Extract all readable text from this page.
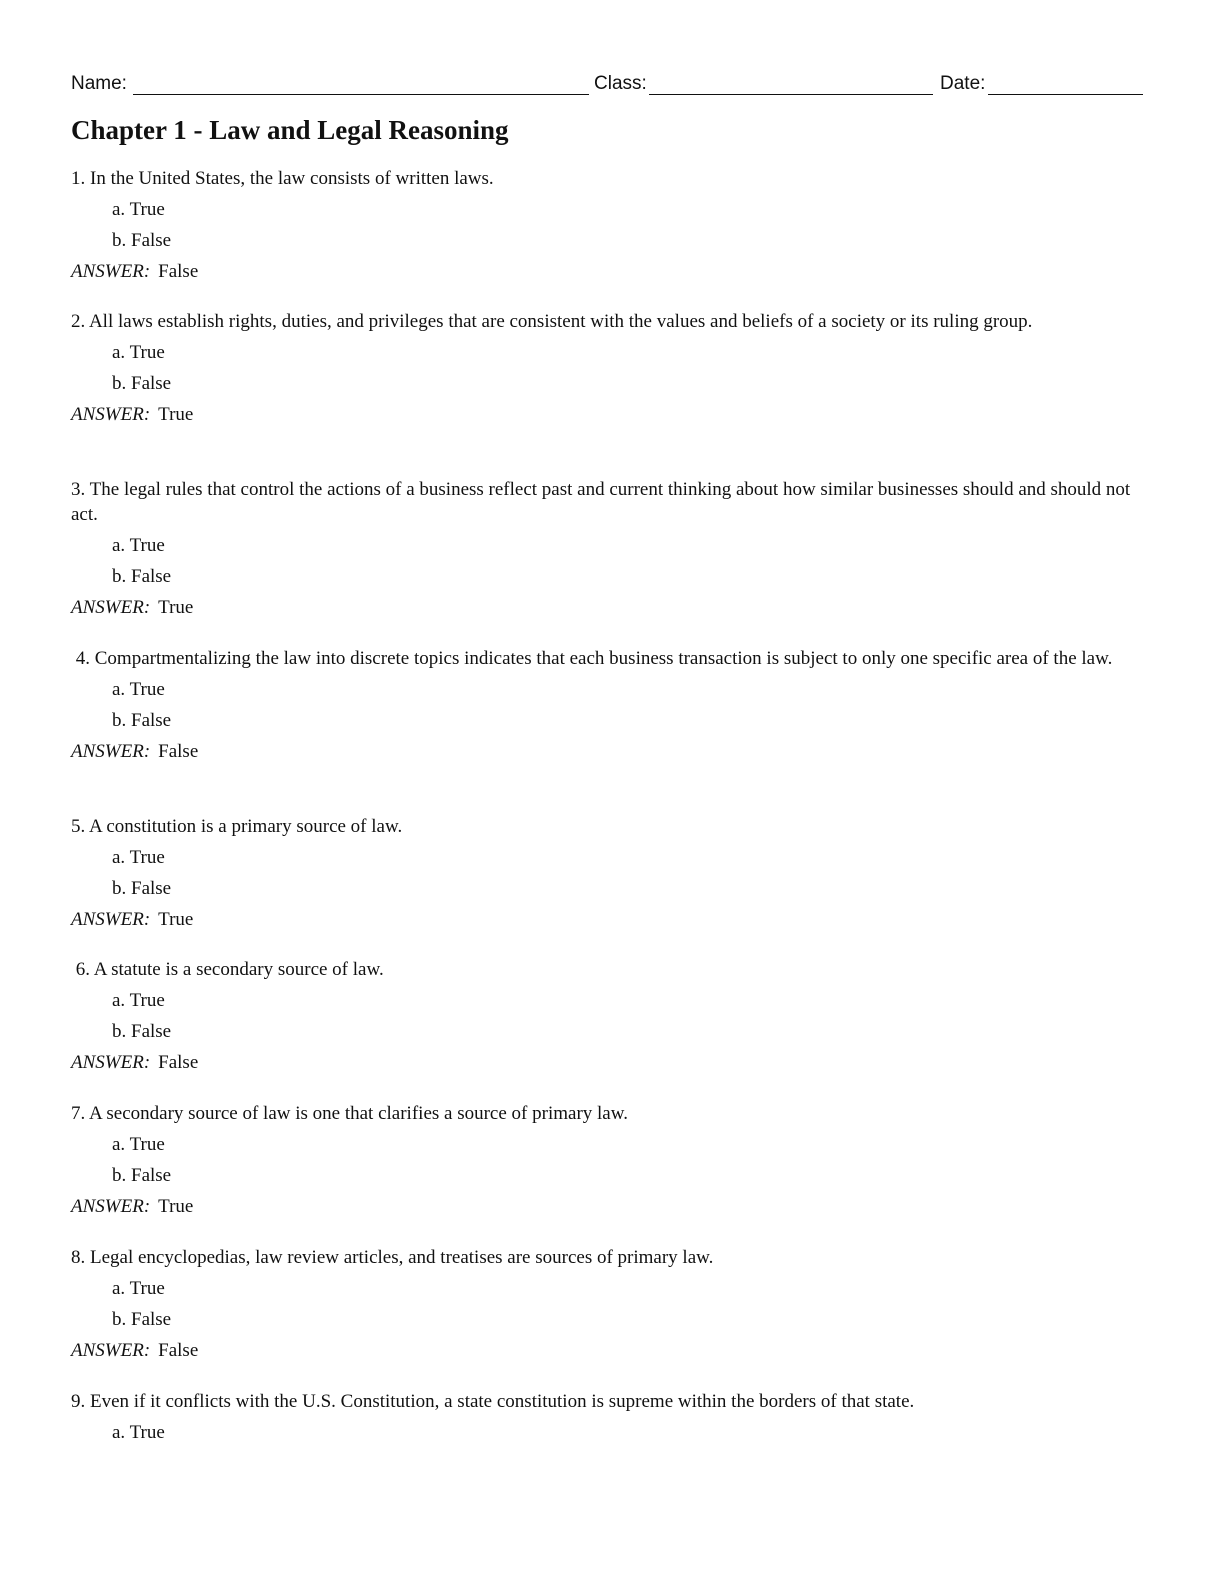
Name:	Class:	Date:
Chapter 1 - Law and Legal Reasoning

1. In the United States, the law consists of written laws.

a. True
b. False
ANSWER: False

2. All laws establish rights, duties, and privileges that are consistent with the values and beliefs of a society or its ruling group.

a. True
b. False
ANSWER: True

3. The legal rules that control the actions of a business reflect past and current thinking about how similar businesses should and should not act.

a. True
b. False
ANSWER: True

4. Compartmentalizing the law into discrete topics indicates that each business transaction is subject to only one specific area of the law.

a. True
b. False
ANSWER: False

5. A constitution is a primary source of law.

a. True
b. False
ANSWER: True

6. A statute is a secondary source of law.

a. True
b. False
ANSWER: False

7. A secondary source of law is one that clarifies a source of primary law.

a. True
b. False
ANSWER: True

8. Legal encyclopedias, law review articles, and treatises are sources of primary law.

a. True
b. False
ANSWER: False

9. Even if it conflicts with the U.S. Constitution, a state constitution is supreme within the borders of that state.

a. True
